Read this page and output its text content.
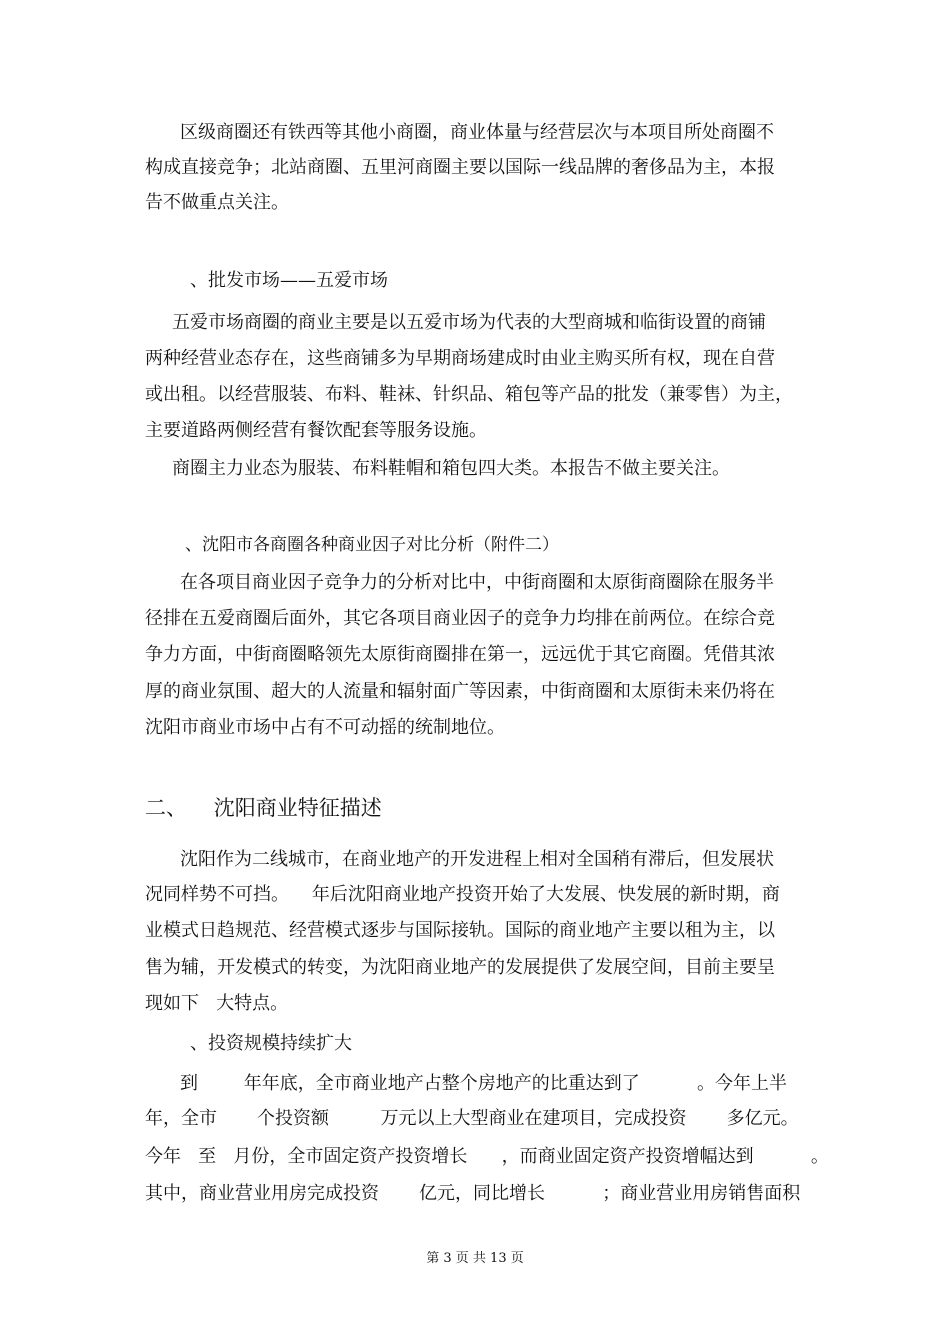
区级商圈还有铁西等其他小商圈，商业体量与经营层次与本项目所处商圈不
构成直接竞争；北站商圈、五里河商圈主要以国际一线品牌的奢侈品为主，本报
告不做重点关注。
、批发市场——五爱市场
五爱市场商圈的商业主要是以五爱市场为代表的大型商城和临街设置的商铺
两种经营业态存在，这些商铺多为早期商场建成时由业主购买所有权，现在自营
或出租。以经营服装、布料、鞋袜、针织品、箱包等产品的批发（兼零售）为主，
主要道路两侧经营有餐饮配套等服务设施。
商圈主力业态为服装、布料鞋帽和箱包四大类。本报告不做主要关注。
、沈阳市各商圈各种商业因子对比分析（附件二）
在各项目商业因子竞争力的分析对比中，中街商圈和太原街商圈除在服务半
径排在五爱商圈后面外，其它各项目商业因子的竞争力均排在前两位。在综合竞
争力方面，中街商圈略领先太原街商圈排在第一，远远优于其它商圈。凭借其浓
厚的商业氛围、超大的人流量和辐射面广等因素，中街商圈和太原街未来仍将在
沈阳市商业市场中占有不可动摇的统制地位。
二、    沈阳商业特征描述
沈阳作为二线城市，在商业地产的开发进程上相对全国稍有滞后，但发展状
况同样势不可挡。    年后沈阳商业地产投资开始了大发展、快发展的新时期，商
业模式日趋规范、经营模式逐步与国际接轨。国际的商业地产主要以租为主，以
售为辅，开发模式的转变，为沈阳商业地产的发展提供了发展空间，目前主要呈
现如下   大特点。
、投资规模持续扩大
到        年年底，全市商业地产占整个房地产的比重达到了          。今年上半
年，全市       个投资额         万元以上大型商业在建项目，完成投资       多亿元。
今年   至   月份，全市固定资产投资增长      ，而商业固定资产投资增幅达到          。
其中，商业营业用房完成投资       亿元，同比增长          ；商业营业用房销售面积
第 3 页 共 13 页
